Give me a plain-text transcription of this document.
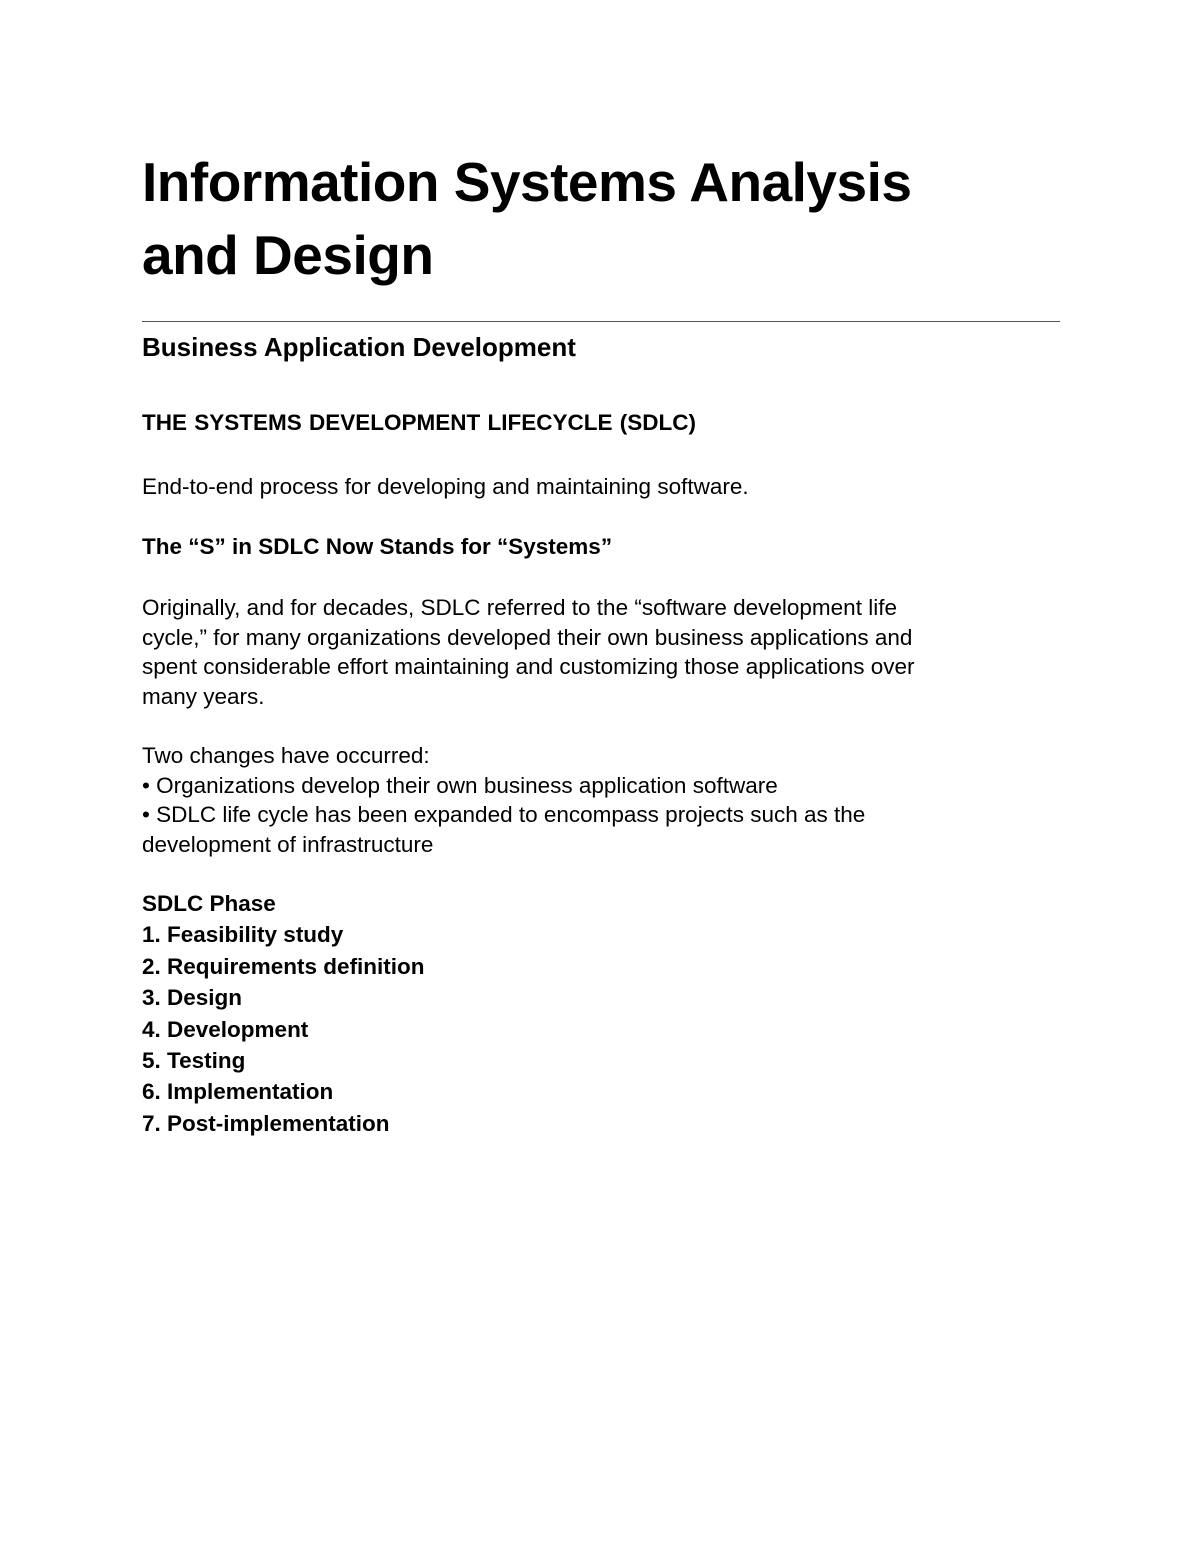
Information Systems Analysis
and Design
Business Application Development
THE SYSTEMS DEVELOPMENT LIFECYCLE (SDLC)

End-to-end process for developing and maintaining software.

The “S” in SDLC Now Stands for “Systems”

Originally, and for decades, SDLC referred to the “software development life
cycle,” for many organizations developed their own business applications and
spent considerable effort maintaining and customizing those applications over
many years.

Two changes have occurred:
• Organizations develop their own business application software
• SDLC life cycle has been expanded to encompass projects such as the
development of infrastructure

SDLC Phase
1. Feasibility study
2. Requirements definition
3. Design
4. Development
5. Testing
6. Implementation
7. Post-implementation
